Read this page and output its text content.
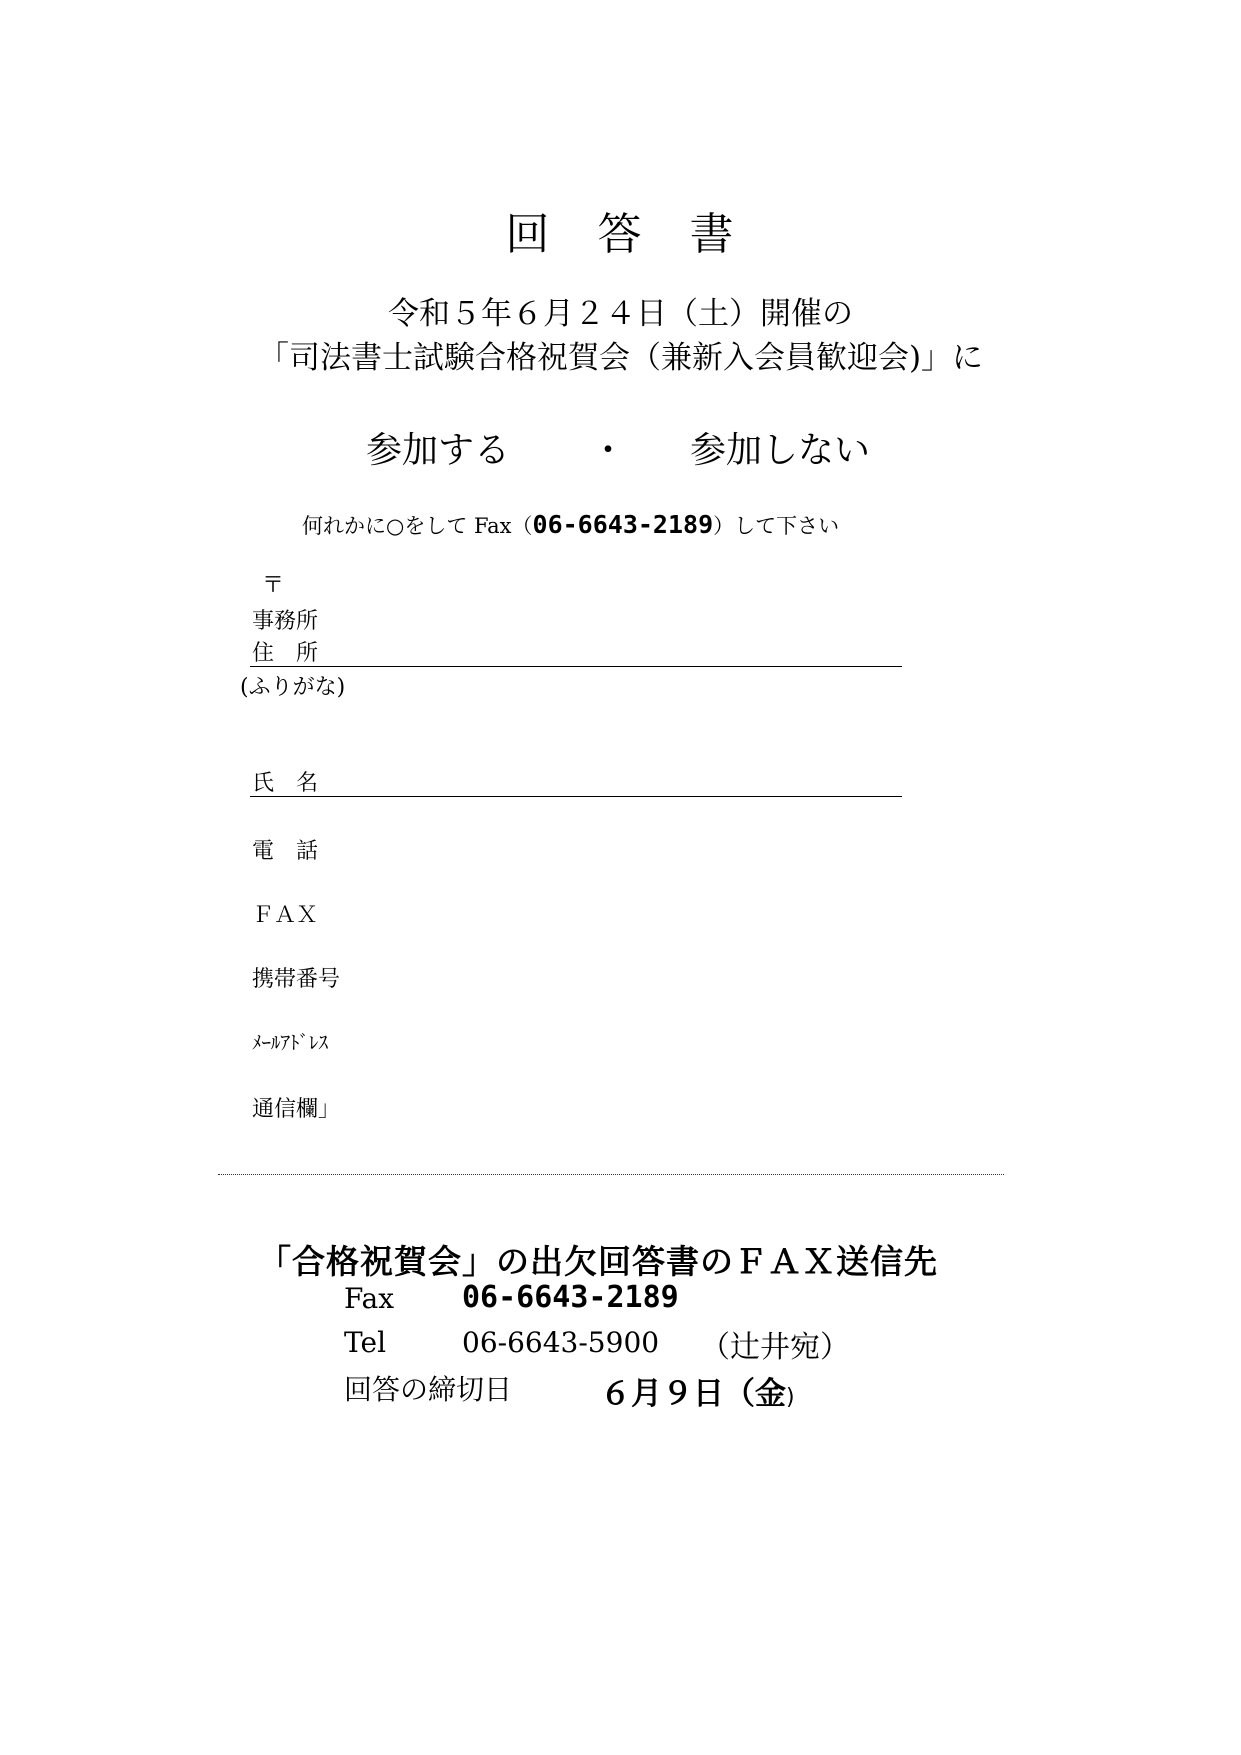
回　答　書
令和５年６月２４日（土）開催の
「司法書士試験合格祝賀会（兼新入会員歓迎会)」に
参加する ・ 参加しない
何れかに○をして Fax（06-6643-2189）して下さい
〒
事務所
住　所
(ふりがな)
氏　名
電　話
ＦＡＸ
携帯番号
ﾒｰﾙｱﾄﾞﾚｽ
通信欄」
「合格祝賀会」の出欠回答書のＦＡＸ送信先
Fax 06-6643-2189
Tel	06-6643-5900 （辻井宛）
回答の締切日	６月９日（金)
